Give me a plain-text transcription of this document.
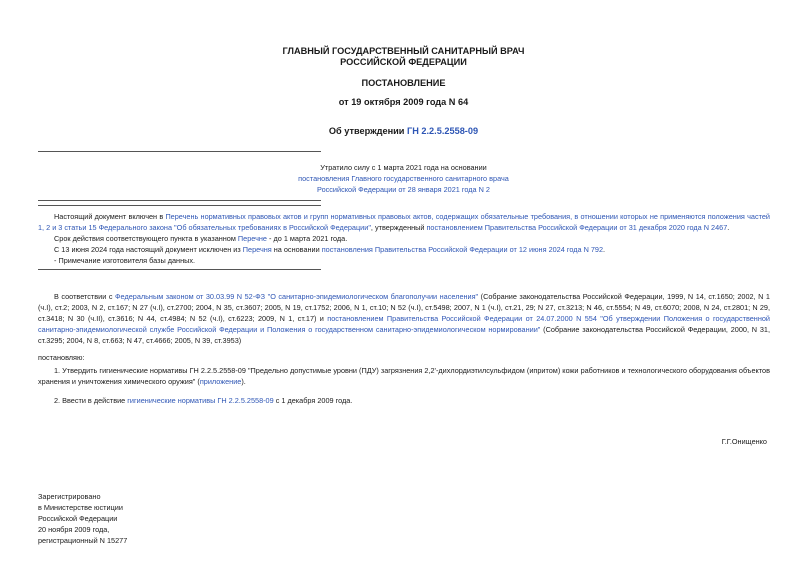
ГЛАВНЫЙ ГОСУДАРСТВЕННЫЙ САНИТАРНЫЙ ВРАЧ
РОССИЙСКОЙ ФЕДЕРАЦИИ
ПОСТАНОВЛЕНИЕ
от 19 октября 2009 года N 64
Об утверждении ГН 2.2.5.2558-09
Утратило силу с 1 марта 2021 года на основании
постановления Главного государственного санитарного врача
Российской Федерации от 28 января 2021 года N 2
Настоящий документ включен в Перечень нормативных правовых актов и групп нормативных правовых актов, содержащих обязательные требования, в отношении которых не применяются положения частей 1, 2 и 3 статьи 15 Федерального закона "Об обязательных требованиях в Российской Федерации", утвержденный постановлением Правительства Российской Федерации от 31 декабря 2020 года N 2467.
Срок действия соответствующего пункта в указанном Перечне - до 1 марта 2021 года.
С 13 июня 2024 года настоящий документ исключен из Перечня на основании постановления Правительства Российской Федерации от 12 июня 2024 года N 792.
- Примечание изготовителя базы данных.
В соответствии с Федеральным законом от 30.03.99 N 52-ФЗ "О санитарно-эпидемиологическом благополучии населения" (Собрание законодательства Российской Федерации, 1999, N 14, ст.1650; 2002, N 1 (ч.I), ст.2; 2003, N 2, ст.167; N 27 (ч.I), ст.2700; 2004, N 35, ст.3607; 2005, N 19, ст.1752; 2006, N 1, ст.10; N 52 (ч.I), ст.5498; 2007, N 1 (ч.I), ст.21, 29; N 27, ст.3213; N 46, ст.5554; N 49, ст.6070; 2008, N 24, ст.2801; N 29, ст.3418; N 30 (ч.II), ст.3616; N 44, ст.4984; N 52 (ч.I), ст.6223; 2009, N 1, ст.17) и постановлением Правительства Российской Федерации от 24.07.2000 N 554 "Об утверждении Положения о государственной санитарно-эпидемиологической службе Российской Федерации и Положения о государственном санитарно-эпидемиологическом нормировании" (Собрание законодательства Российской Федерации, 2000, N 31, ст.3295; 2004, N 8, ст.663; N 47, ст.4666; 2005, N 39, ст.3953)
постановляю:
1. Утвердить гигиенические нормативы ГН 2.2.5.2558-09 "Предельно допустимые уровни (ПДУ) загрязнения 2,2'-дихлордиэтилсульфидом (ипритом) кожи работников и технологического оборудования объектов хранения и уничтожения химического оружия" (приложение).
2. Ввести в действие гигиенические нормативы ГН 2.2.5.2558-09 с 1 декабря 2009 года.
Г.Г.Онищенко
Зарегистрировано
в Министерстве юстиции
Российской Федерации
20 ноября 2009 года,
регистрационный N 15277
